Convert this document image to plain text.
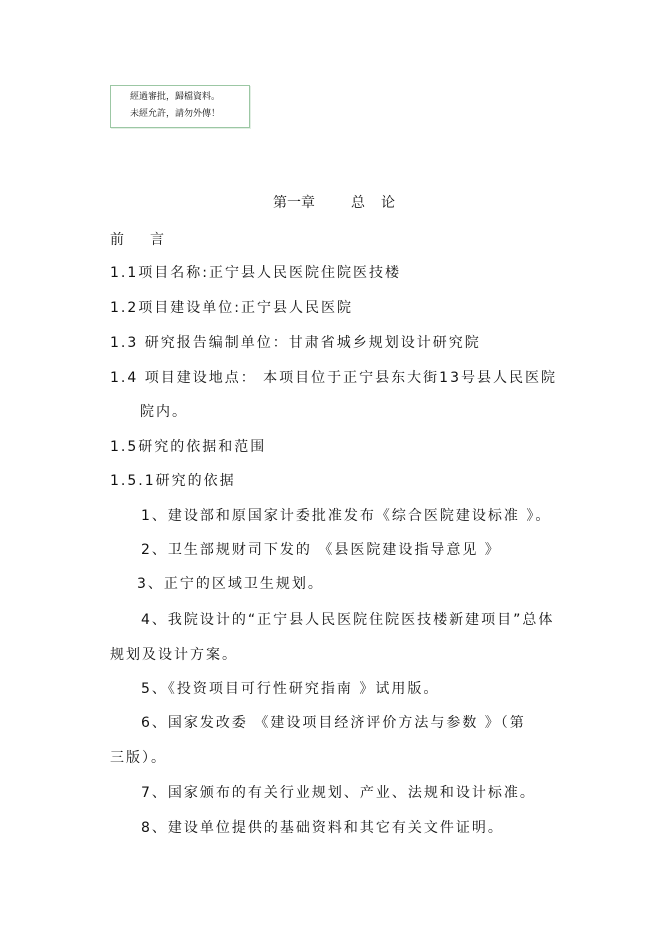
經過審批，歸檔資料。
未經允許，請勿外傳！
第一章	总论
前言
1.1项目名称:正宁县人民医院住院医技楼
1.2项目建设单位:正宁县人民医院
1.3 研究报告编制单位：甘肃省城乡规划设计研究院
1.4 项目建设地点： 本项目位于正宁县东大街13号县人民医院
院内。
1.5研究的依据和范围
1.5.1研究的依据
1、建设部和原国家计委批准发布《综合医院建设标准 》。
2、卫生部规财司下发的 《县医院建设指导意见 》
3、正宁的区域卫生规划。
4、我院设计的“正宁县人民医院住院医技楼新建项目”总体
规划及设计方案。
5、《投资项目可行性研究指南 》试用版。
6、国家发改委 《建设项目经济评价方法与参数 》（第
三版）。
7、国家颁布的有关行业规划、产业、法规和设计标准。
8、建设单位提供的基础资料和其它有关文件证明。
